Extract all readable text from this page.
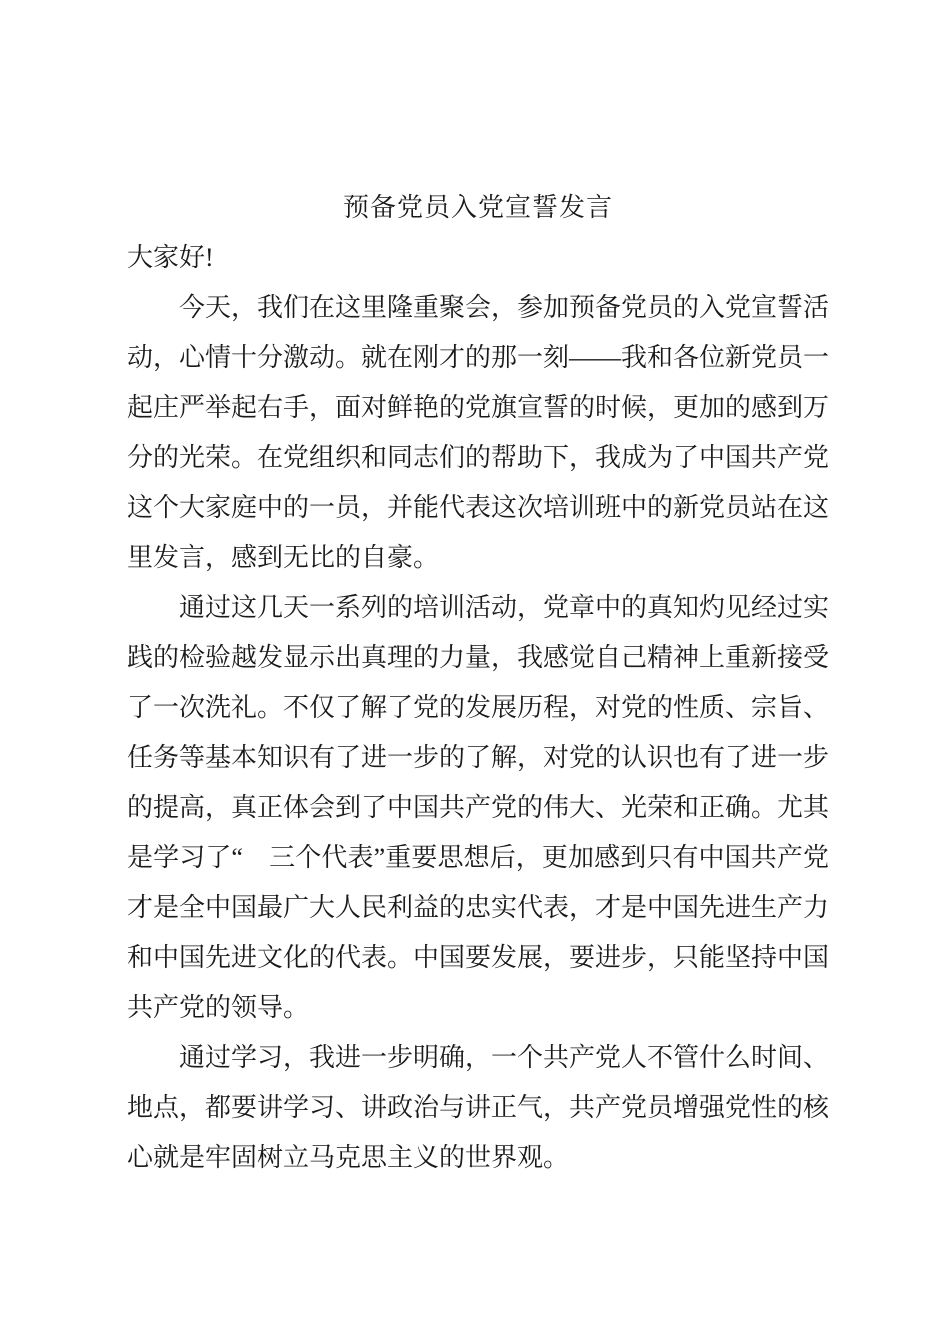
预备党员入党宣誓发言

大家好!

今天，我们在这里隆重聚会，参加预备党员的入党宣誓活动，心情十分激动。就在刚才的那一刻——我和各位新党员一起庄严举起右手，面对鲜艳的党旗宣誓的时候，更加的感到万分的光荣。在党组织和同志们的帮助下，我成为了中国共产党这个大家庭中的一员，并能代表这次培训班中的新党员站在这里发言，感到无比的自豪。

通过这几天一系列的培训活动，党章中的真知灼见经过实践的检验越发显示出真理的力量，我感觉自己精神上重新接受了一次洗礼。不仅了解了党的发展历程，对党的性质、宗旨、任务等基本知识有了进一步的了解，对党的认识也有了进一步的提高，真正体会到了中国共产党的伟大、光荣和正确。尤其是学习了“　三个代表”重要思想后，更加感到只有中国共产党才是全中国最广大人民利益的忠实代表，才是中国先进生产力和中国先进文化的代表。中国要发展，要进步，只能坚持中国共产党的领导。

通过学习，我进一步明确，一个共产党人不管什么时间、地点，都要讲学习、讲政治与讲正气，共产党员增强党性的核心就是牢固树立马克思主义的世界观。
